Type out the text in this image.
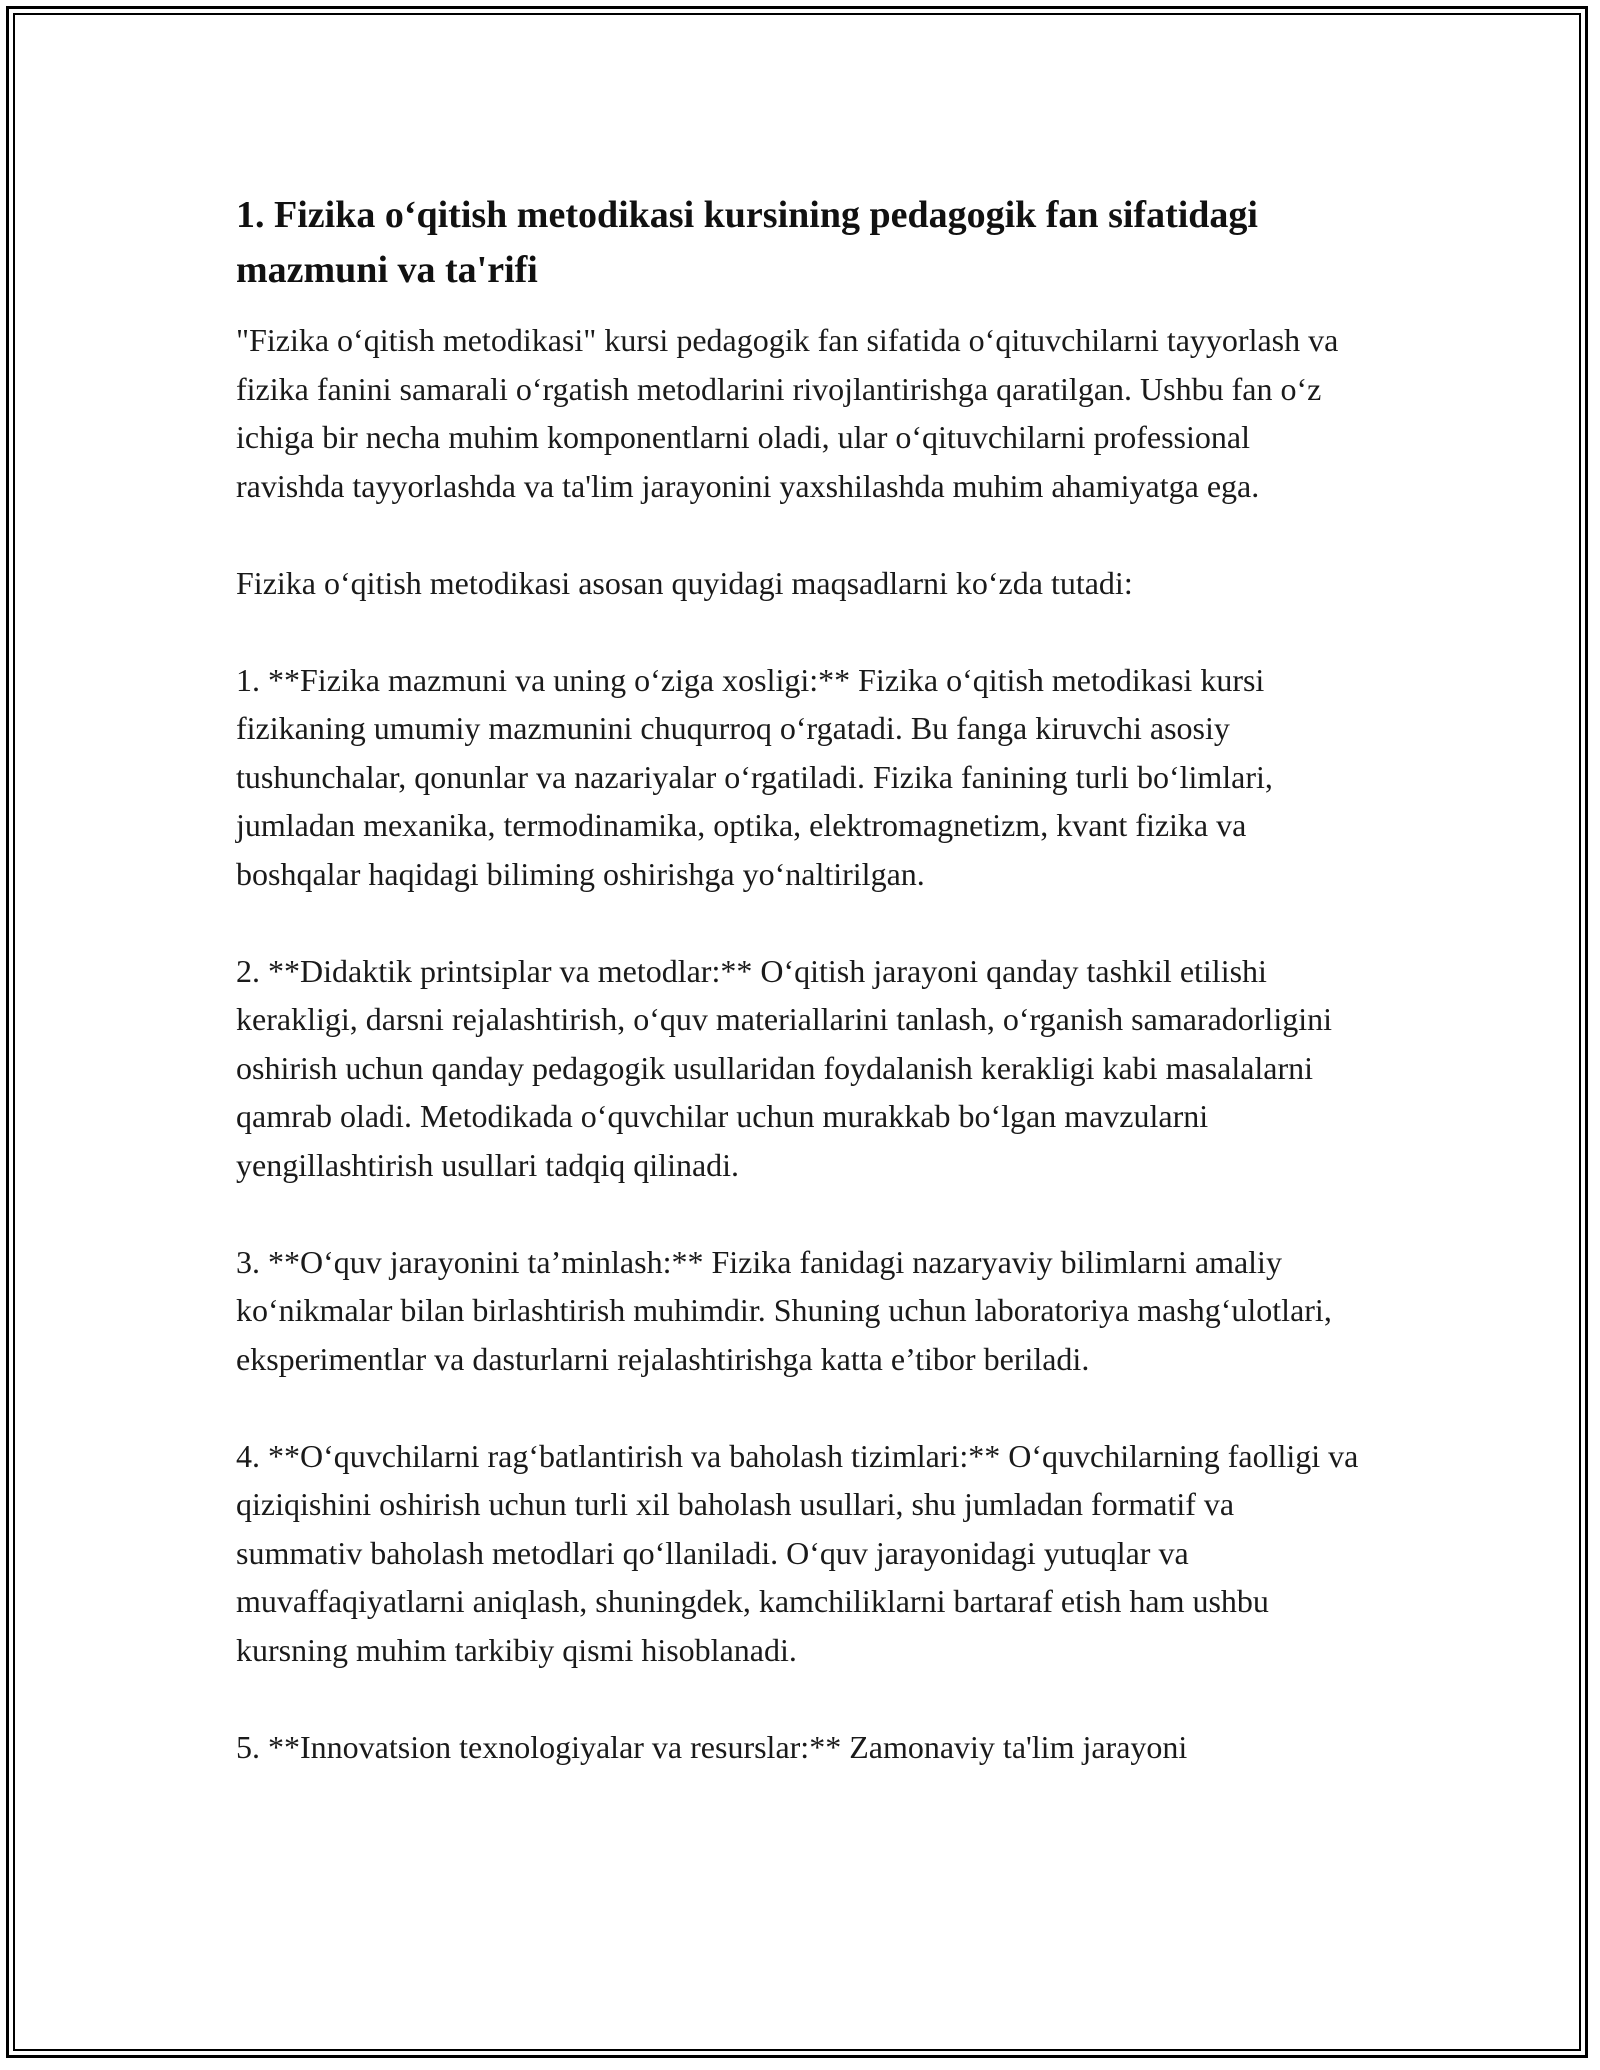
1. Fizika o‘qitish metodikasi kursining pedagogik fan sifatidagi mazmuni va ta'rifi

"Fizika o‘qitish metodikasi" kursi pedagogik fan sifatida o‘qituvchilarni tayyorlash va fizika fanini samarali o‘rgatish metodlarini rivojlantirishga qaratilgan. Ushbu fan o‘z ichiga bir necha muhim komponentlarni oladi, ular o‘qituvchilarni professional ravishda tayyorlashda va ta'lim jarayonini yaxshilashda muhim ahamiyatga ega.

Fizika o‘qitish metodikasi asosan quyidagi maqsadlarni ko‘zda tutadi:

1. **Fizika mazmuni va uning o‘ziga xosligi:** Fizika o‘qitish metodikasi kursi fizikaning umumiy mazmunini chuqurroq o‘rgatadi. Bu fanga kiruvchi asosiy tushunchalar, qonunlar va nazariyalar o‘rgatiladi. Fizika fanining turli bo‘limlari, jumladan mexanika, termodinamika, optika, elektromagnetizm, kvant fizika va boshqalar haqidagi biliming oshirishga yo‘naltirilgan.

2. **Didaktik printsiplar va metodlar:** O‘qitish jarayoni qanday tashkil etilishi kerakligi, darsni rejalashtirish, o‘quv materiallarini tanlash, o‘rganish samaradorligini oshirish uchun qanday pedagogik usullaridan foydalanish kerakligi kabi masalalarni qamrab oladi. Metodikada o‘quvchilar uchun murakkab bo‘lgan mavzularni yengillashtirish usullari tadqiq qilinadi.

3. **O‘quv jarayonini ta’minlash:** Fizika fanidagi nazaryaviy bilimlarni amaliy ko‘nikmalar bilan birlashtirish muhimdir. Shuning uchun laboratoriya mashg‘ulotlari, eksperimentlar va dasturlarni rejalashtirishga katta e’tibor beriladi.

4. **O‘quvchilarni rag‘batlantirish va baholash tizimlari:** O‘quvchilarning faolligi va qiziqishini oshirish uchun turli xil baholash usullari, shu jumladan formatif va summativ baholash metodlari qo‘llaniladi. O‘quv jarayonidagi yutuqlar va muvaffaqiyatlarni aniqlash, shuningdek, kamchiliklarni bartaraf etish ham ushbu kursning muhim tarkibiy qismi hisoblanadi.

5. **Innovatsion texnologiyalar va resurslar:** Zamonaviy ta'lim jarayoni
